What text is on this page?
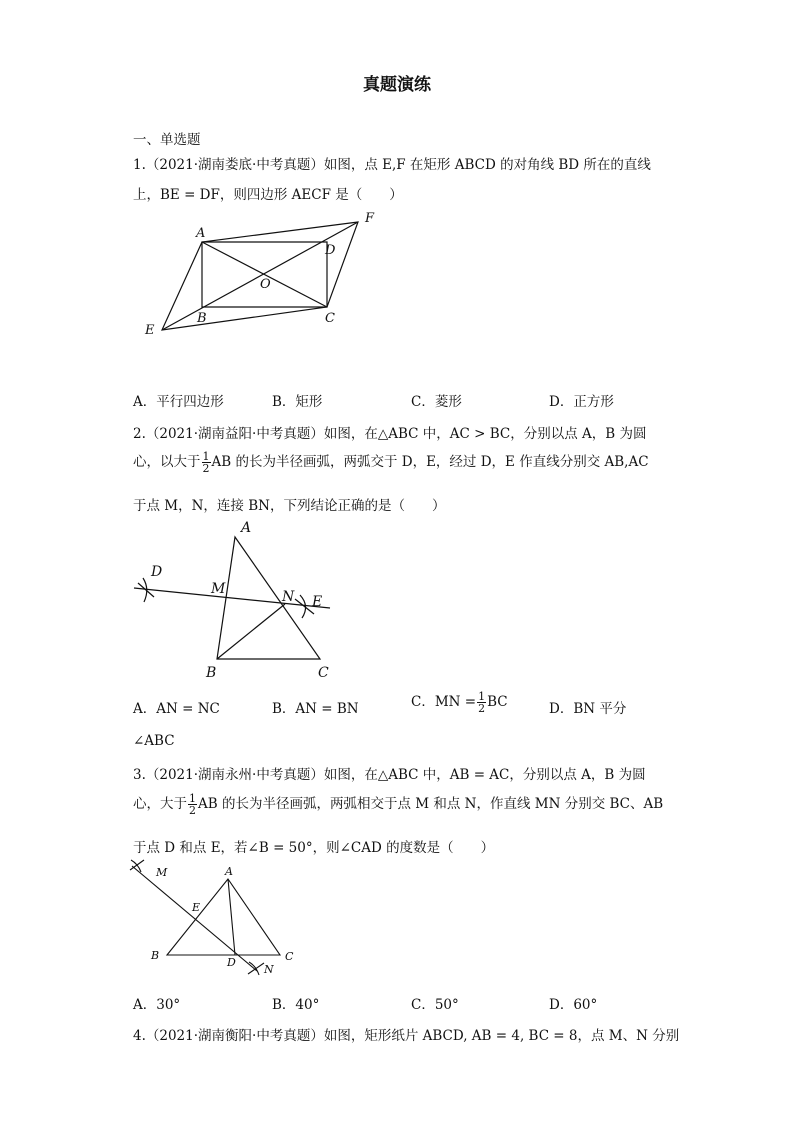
真题演练
一、单选题
1.（2021·湖南娄底·中考真题）如图，点 E,F 在矩形 ABCD 的对角线 BD 所在的直线
上，BE = DF，则四边形 AECF 是（　　）
A
B	C
D
E
F
O
A．平行四边形	B．矩形	C．菱形	D．正方形
2.（2021·湖南益阳·中考真题）如图，在△ABC 中，AC > BC，分别以点 A，B 为圆
心，以大于 $\frac{1}{2}$ AB 的长为半径画弧，两弧交于 D，E，经过 D，E 作直线分别交 AB,AC
于点 M，N，连接 BN，下列结论正确的是（　　）
A
B	C
D
E
M	N
A．AN = NC	B．AN = BN	C．MN = $\frac{1}{2}$ BC	D．BN 平分
∠ABC
3.（2021·湖南永州·中考真题）如图，在△ABC 中，AB = AC，分别以点 A，B 为圆
心，大于 $\frac{1}{2}$ AB 的长为半径画弧，两弧相交于点 M 和点 N，作直线 MN 分别交 BC、AB
于点 D 和点 E，若∠B = 50°，则∠CAD 的度数是（　　）
A
B	C
D
E
M
N
A．30°	B．40°	C．50°	D．60°
4.（2021·湖南衡阳·中考真题）如图，矩形纸片 ABCD, AB = 4, BC = 8，点 M、N 分别
